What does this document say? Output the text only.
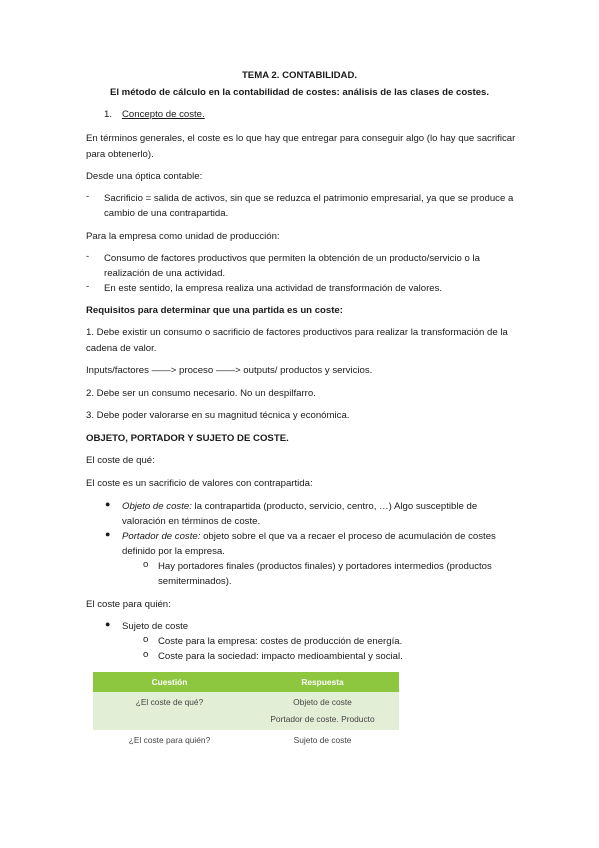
TEMA 2. CONTABILIDAD.
El método de cálculo en la contabilidad de costes: análisis de las clases de costes.
1. Concepto de coste.
En términos generales, el coste es lo que hay que entregar para conseguir algo (lo hay que sacrificar para obtenerlo).
Desde una óptica contable:
- Sacrificio = salida de activos, sin que se reduzca el patrimonio empresarial, ya que se produce a cambio de una contrapartida.
Para la empresa como unidad de producción:
- Consumo de factores productivos que permiten la obtención de un producto/servicio o la realización de una actividad.
- En este sentido, la empresa realiza una actividad de transformación de valores.
Requisitos para determinar que una partida es un coste:
1. Debe existir un consumo o sacrificio de factores productivos para realizar la transformación de la cadena de valor.
Inputs/factores ——> proceso ——> outputs/ productos y servicios.
2. Debe ser un consumo necesario. No un despilfarro.
3. Debe poder valorarse en su magnitud técnica y económica.
OBJETO, PORTADOR Y SUJETO DE COSTE.
El coste de qué:
El coste es un sacrificio de valores con contrapartida:
● Objeto de coste: la contrapartida (producto, servicio, centro, …) Algo susceptible de valoración en términos de coste.
● Portador de coste: objeto sobre el que va a recaer el proceso de acumulación de costes definido por la empresa.
o Hay portadores finales (productos finales) y portadores intermedios (productos semiterminados).
El coste para quién:
● Sujeto de coste
o Coste para la empresa: costes de producción de energía.
o Coste para la sociedad: impacto medioambiental y social.
Cuestión	Respuesta

¿El coste de qué?	Objeto de coste
Portador de coste. Producto

¿El coste para quién?	Sujeto de coste
